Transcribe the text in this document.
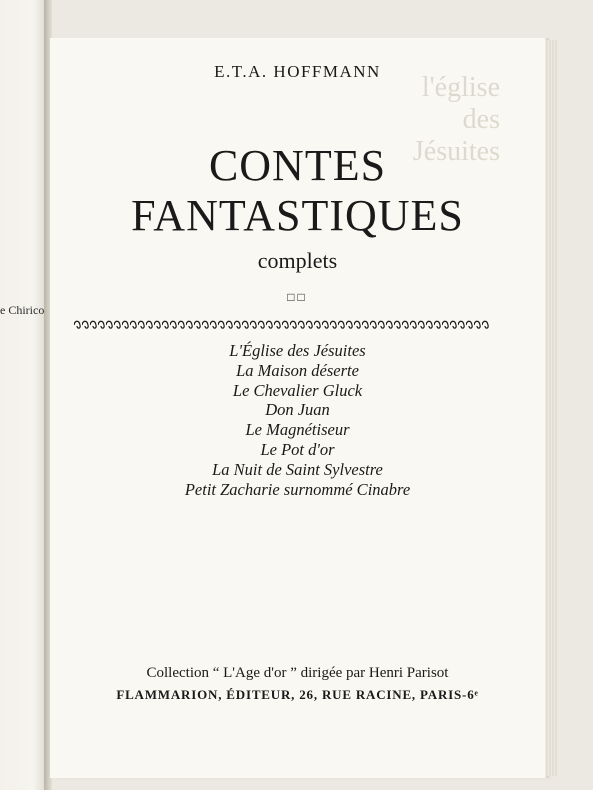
e Chirico
l'église
des
Jésuites
E.T.A. HOFFMANN
CONTES
FANTASTIQUES
complets
□□
L'Église des Jésuites
La Maison déserte
Le Chevalier Gluck
Don Juan
Le Magnétiseur
Le Pot d'or
La Nuit de Saint Sylvestre
Petit Zacharie surnommé Cinabre
Collection “ L'Age d'or ” dirigée par Henri Parisot
FLAMMARION, ÉDITEUR, 26, RUE RACINE, PARIS-6ᵉ
